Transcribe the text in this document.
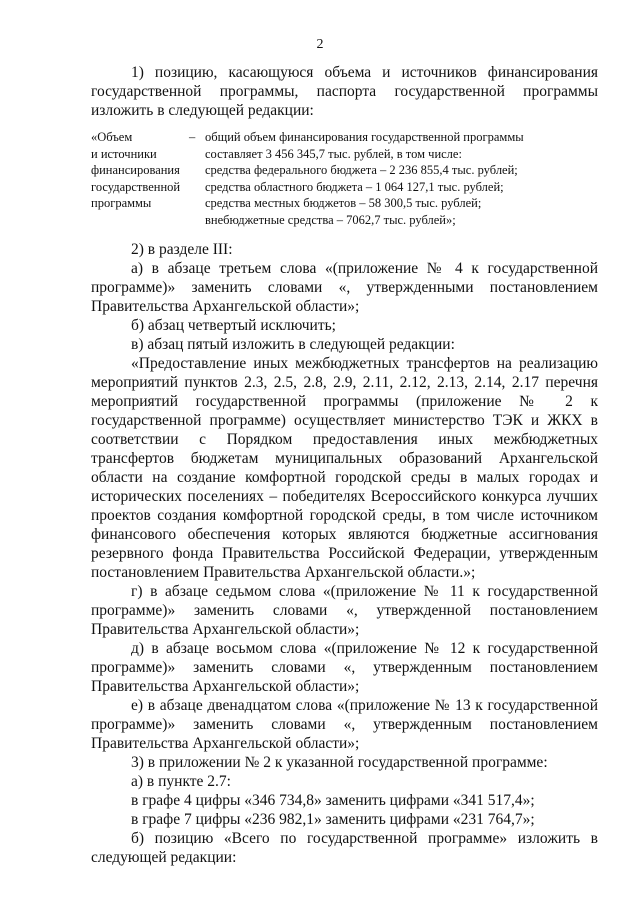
2

1) позицию, касающуюся объема и источников финансирования государственной программы, паспорта государственной программы изложить в следующей редакции:

«Объем
и источники
финансирования
государственной
программы
– общий объем финансирования государственной программы
составляет 3 456 345,7 тыс. рублей, в том числе:
средства федерального бюджета – 2 236 855,4 тыс. рублей;
средства областного бюджета – 1 064 127,1 тыс. рублей;
средства местных бюджетов – 58 300,5 тыс. рублей;
внебюджетные средства – 7062,7 тыс. рублей»;

2) в разделе III:

а) в абзаце третьем слова «(приложение № 4 к государственной программе)» заменить словами «, утвержденными постановлением Правительства Архангельской области»;

б) абзац четвертый исключить;

в) абзац пятый изложить в следующей редакции:

«Предоставление иных межбюджетных трансфертов на реализацию мероприятий пунктов 2.3, 2.5, 2.8, 2.9, 2.11, 2.12, 2.13, 2.14, 2.17 перечня мероприятий государственной программы (приложение № 2 к государственной программе) осуществляет министерство ТЭК и ЖКХ в соответствии с Порядком предоставления иных межбюджетных трансфертов бюджетам муниципальных образований Архангельской области на создание комфортной городской среды в малых городах и исторических поселениях – победителях Всероссийского конкурса лучших проектов создания комфортной городской среды, в том числе источником финансового обеспечения которых являются бюджетные ассигнования резервного фонда Правительства Российской Федерации, утвержденным постановлением Правительства Архангельской области.»;

г) в абзаце седьмом слова «(приложение № 11 к государственной программе)» заменить словами «, утвержденной постановлением Правительства Архангельской области»;

д) в абзаце восьмом слова «(приложение № 12 к государственной программе)» заменить словами «, утвержденным постановлением Правительства Архангельской области»;

е) в абзаце двенадцатом слова «(приложение № 13 к государственной программе)» заменить словами «, утвержденным постановлением Правительства Архангельской области»;

3) в приложении № 2 к указанной государственной программе:

а) в пункте 2.7:

в графе 4 цифры «346 734,8» заменить цифрами «341 517,4»;

в графе 7 цифры «236 982,1» заменить цифрами «231 764,7»;

б) позицию «Всего по государственной программе» изложить в следующей редакции:
